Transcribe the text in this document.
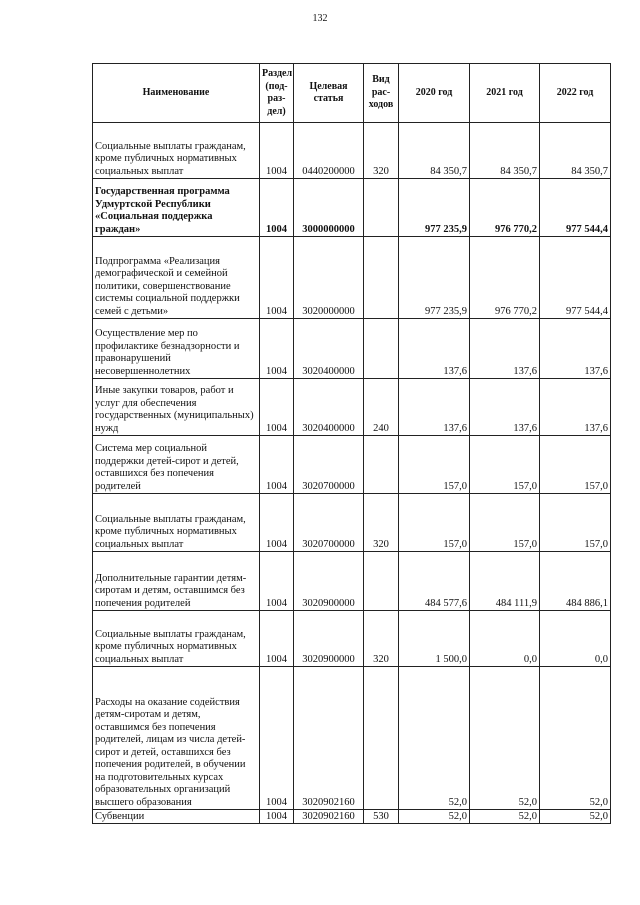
132
Наименование	Раздел (под-раз-дел)	Целевая статья	Вид рас-ходов	2020 год	2021 год	2022 год
Социальные выплаты гражданам, кроме публичных нормативных социальных выплат	1004	0440200000	320	84 350,7	84 350,7	84 350,7
Государственная программа Удмуртской Республики «Социальная поддержка граждан»	1004	3000000000		977 235,9	976 770,2	977 544,4
Подпрограмма «Реализация демографической и семейной политики, совершенствование системы социальной поддержки семей с детьми»	1004	3020000000		977 235,9	976 770,2	977 544,4
Осуществление мер по профилактике безнадзорности и правонарушений несовершеннолетних	1004	3020400000		137,6	137,6	137,6
Иные закупки товаров, работ и услуг для обеспечения государственных (муниципальных) нужд	1004	3020400000	240	137,6	137,6	137,6
Система мер социальной поддержки детей-сирот и детей, оставшихся без попечения родителей	1004	3020700000		157,0	157,0	157,0
Социальные выплаты гражданам, кроме публичных нормативных социальных выплат	1004	3020700000	320	157,0	157,0	157,0
Дополнительные гарантии детям-сиротам и детям, оставшимся без попечения родителей	1004	3020900000		484 577,6	484 111,9	484 886,1
Социальные выплаты гражданам, кроме публичных нормативных социальных выплат	1004	3020900000	320	1 500,0	0,0	0,0
Расходы на оказание содействия детям-сиротам и детям, оставшимся без попечения родителей, лицам из числа детей-сирот и детей, оставшихся без попечения родителей, в обучении на подготовительных курсах образовательных организаций высшего образования	1004	3020902160		52,0	52,0	52,0
Субвенции	1004	3020902160	530	52,0	52,0	52,0
